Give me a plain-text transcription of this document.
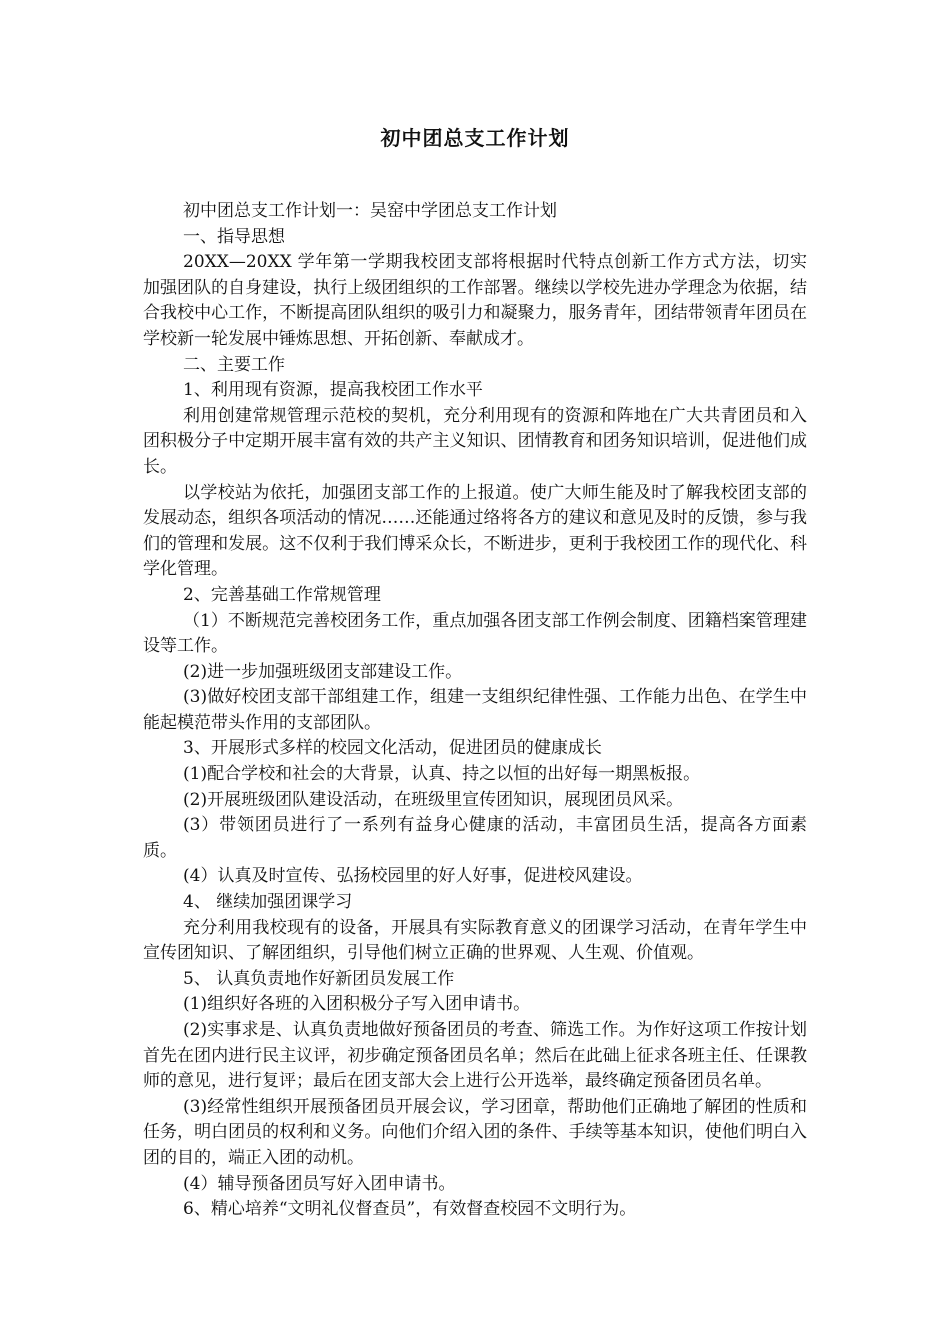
初中团总支工作计划

初中团总支工作计划一：吴窑中学团总支工作计划

一、指导思想

20XX—20XX 学年第一学期我校团支部将根据时代特点创新工作方式方法，切实加强团队的自身建设，执行上级团组织的工作部署。继续以学校先进办学理念为依据，结合我校中心工作，不断提高团队组织的吸引力和凝聚力，服务青年，团结带领青年团员在学校新一轮发展中锤炼思想、开拓创新、奉献成才。

二、主要工作

1、利用现有资源，提高我校团工作水平

利用创建常规管理示范校的契机，充分利用现有的资源和阵地在广大共青团员和入团积极分子中定期开展丰富有效的共产主义知识、团情教育和团务知识培训，促进他们成长。

以学校站为依托，加强团支部工作的上报道。使广大师生能及时了解我校团支部的发展动态，组织各项活动的情况……还能通过络将各方的建议和意见及时的反馈，参与我们的管理和发展。这不仅利于我们博采众长，不断进步，更利于我校团工作的现代化、科学化管理。

2、完善基础工作常规管理

（1）不断规范完善校团务工作，重点加强各团支部工作例会制度、团籍档案管理建设等工作。

(2)进一步加强班级团支部建设工作。

(3)做好校团支部干部组建工作，组建一支组织纪律性强、工作能力出色、在学生中能起模范带头作用的支部团队。

3、开展形式多样的校园文化活动，促进团员的健康成长

(1)配合学校和社会的大背景，认真、持之以恒的出好每一期黑板报。

(2)开展班级团队建设活动，在班级里宣传团知识，展现团员风采。

(3）带领团员进行了一系列有益身心健康的活动，丰富团员生活，提高各方面素质。

(4）认真及时宣传、弘扬校园里的好人好事，促进校风建设。

4、 继续加强团课学习

充分利用我校现有的设备，开展具有实际教育意义的团课学习活动，在青年学生中宣传团知识、了解团组织，引导他们树立正确的世界观、人生观、价值观。

5、 认真负责地作好新团员发展工作

(1)组织好各班的入团积极分子写入团申请书。

(2)实事求是、认真负责地做好预备团员的考查、筛选工作。为作好这项工作按计划首先在团内进行民主议评，初步确定预备团员名单；然后在此础上征求各班主任、任课教师的意见，进行复评；最后在团支部大会上进行公开选举，最终确定预备团员名单。

(3)经常性组织开展预备团员开展会议，学习团章，帮助他们正确地了解团的性质和任务，明白团员的权利和义务。向他们介绍入团的条件、手续等基本知识，使他们明白入团的目的，端正入团的动机。

(4）辅导预备团员写好入团申请书。

6、精心培养“文明礼仪督查员”，有效督查校园不文明行为。
